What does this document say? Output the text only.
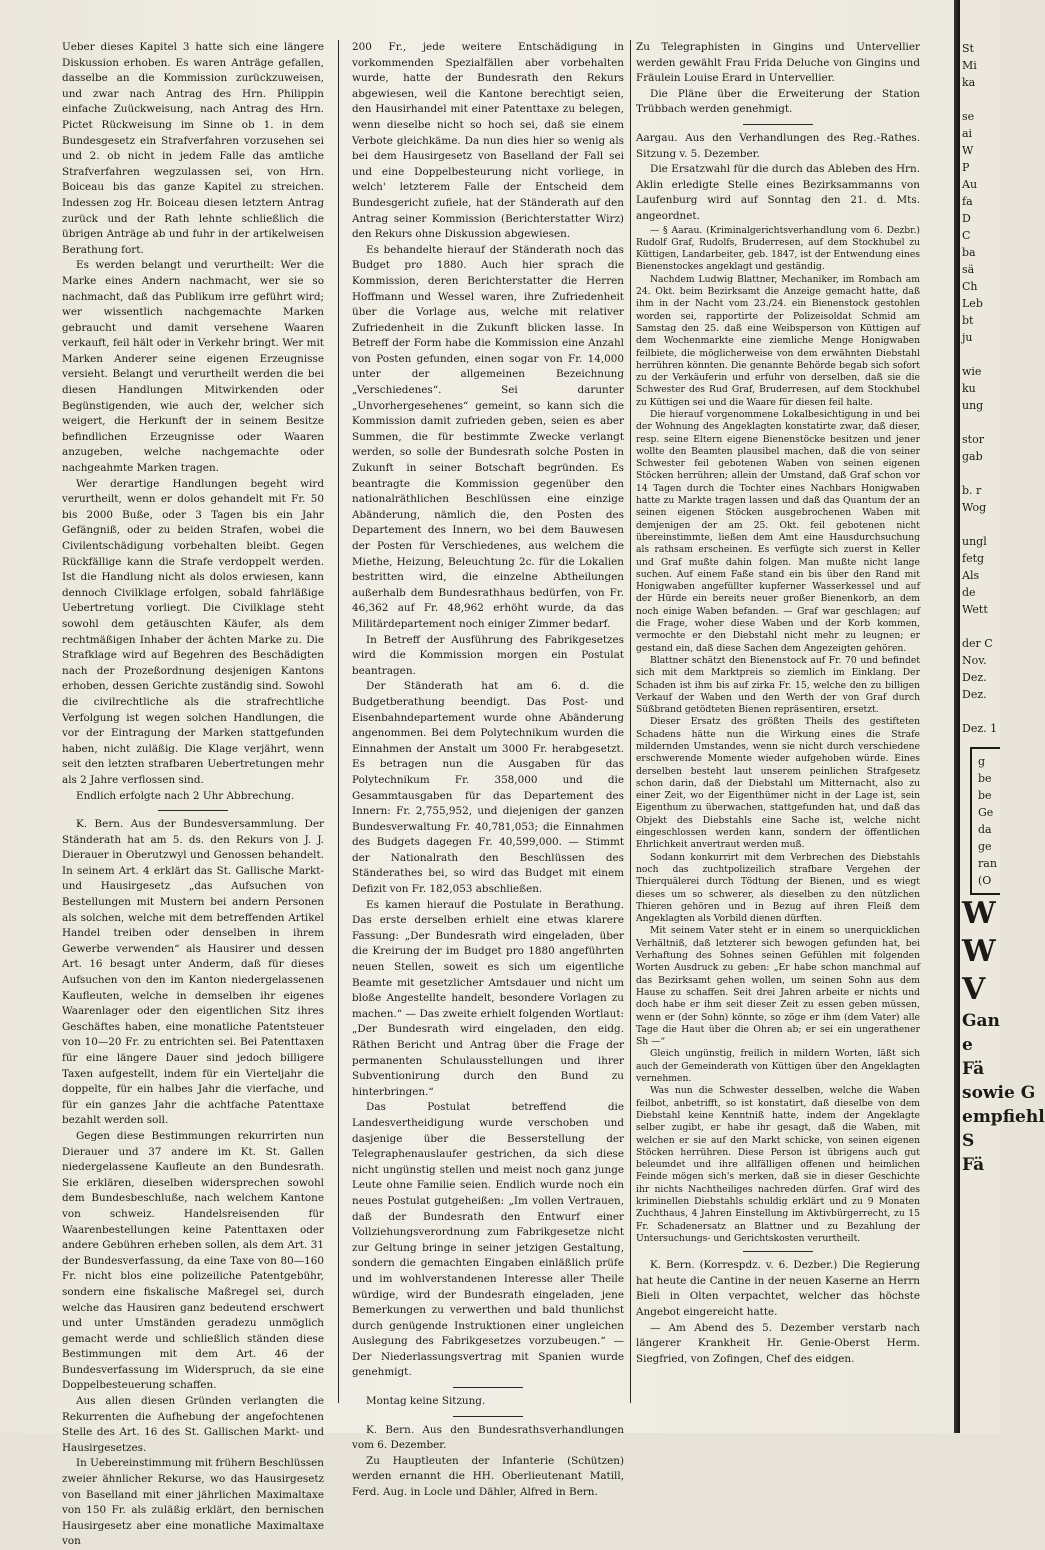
Ueber dieses Kapitel 3 hatte sich eine längere Diskussion erhoben. Es waren Anträge gefallen, dasselbe an die Kommission zurückzuweisen, und zwar nach Antrag des Hrn. Philippin einfache Zuückweisung, nach Antrag des Hrn. Pictet Rückweisung im Sinne ob 1. in dem Bundesgesetz ein Strafverfahren vorzusehen sei und 2. ob nicht in jedem Falle das amtliche Strafverfahren wegzulassen sei, von Hrn. Boiceau bis das ganze Kapitel zu streichen. Indessen zog Hr. Boiceau diesen letztern Antrag zurück und der Rath lehnte schließlich die übrigen Anträge ab und fuhr in der artikelweisen Berathung fort.

Es werden belangt und verurtheilt: Wer die Marke eines Andern nachmacht, wer sie so nachmacht, daß das Publikum irre geführt wird; wer wissentlich nachgemachte Marken gebraucht und damit versehene Waaren verkauft, feil hält oder in Verkehr bringt. Wer mit Marken Anderer seine eigenen Erzeugnisse versieht. Belangt und verurtheilt werden die bei diesen Handlungen Mitwirkenden oder Begünstigenden, wie auch der, welcher sich weigert, die Herkunft der in seinem Besitze befindlichen Erzeugnisse oder Waaren anzugeben, welche nachgemachte oder nachgeahmte Marken tragen.

Wer derartige Handlungen begeht wird verurtheilt, wenn er dolos gehandelt mit Fr. 50 bis 2000 Buße, oder 3 Tagen bis ein Jahr Gefängniß, oder zu beiden Strafen, wobei die Civilentschädigung vorbehalten bleibt. Gegen Rückfällige kann die Strafe verdoppelt werden. Ist die Handlung nicht als dolos erwiesen, kann dennoch Civilklage erfolgen, sobald fahrläßige Uebertretung vorliegt. Die Civilklage steht sowohl dem getäuschten Käufer, als dem rechtmäßigen Inhaber der ächten Marke zu. Die Strafklage wird auf Begehren des Beschädigten nach der Prozeßordnung desjenigen Kantons erhoben, dessen Gerichte zuständig sind. Sowohl die civilrechtliche als die strafrechtliche Verfolgung ist wegen solchen Handlungen, die vor der Eintragung der Marken stattgefunden haben, nicht zuläßig. Die Klage verjährt, wenn seit den letzten strafbaren Uebertretungen mehr als 2 Jahre verflossen sind.

Endlich erfolgte nach 2 Uhr Abbrechung.

K. Bern. Aus der Bundesversammlung. Der Ständerath hat am 5. ds. den Rekurs von J. J. Dierauer in Oberutzwyl und Genossen behandelt. In seinem Art. 4 erklärt das St. Gallische Markt- und Hausirgesetz „das Aufsuchen von Bestellungen mit Mustern bei andern Personen als solchen, welche mit dem betreffenden Artikel Handel treiben oder denselben in ihrem Gewerbe verwenden“ als Hausirer und dessen Art. 16 besagt unter Anderm, daß für dieses Aufsuchen von den im Kanton niedergelassenen Kaufleuten, welche in demselben ihr eigenes Waarenlager oder den eigentlichen Sitz ihres Geschäftes haben, eine monatliche Patentsteuer von 10—20 Fr. zu entrichten sei. Bei Patenttaxen für eine längere Dauer sind jedoch billigere Taxen aufgestellt, indem für ein Vierteljahr die doppelte, für ein halbes Jahr die vierfache, und für ein ganzes Jahr die achtfache Patenttaxe bezahlt werden soll.

Gegen diese Bestimmungen rekurrirten nun Dierauer und 37 andere im Kt. St. Gallen niedergelassene Kaufleute an den Bundesrath. Sie erklären, dieselben widersprechen sowohl dem Bundesbeschluße, nach welchem Kantone von schweiz. Handelsreisenden für Waarenbestellungen keine Patenttaxen oder andere Gebühren erheben sollen, als dem Art. 31 der Bundesverfassung, da eine Taxe von 80—160 Fr. nicht blos eine polizeiliche Patentgebühr, sondern eine fiskalische Maßregel sei, durch welche das Hausiren ganz bedeutend erschwert und unter Umständen geradezu unmöglich gemacht werde und schließlich ständen diese Bestimmungen mit dem Art. 46 der Bundesverfassung im Widerspruch, da sie eine Doppelbesteuerung schaffen.

Aus allen diesen Gründen verlangten die Rekurrenten die Aufhebung der angefochtenen Stelle des Art. 16 des St. Gallischen Markt- und Hausirgesetzes.

In Uebereinstimmung mit frühern Beschlüssen zweier ähnlicher Rekurse, wo das Hausirgesetz von Baselland mit einer jährlichen Maximaltaxe von 150 Fr. als zuläßig erklärt, den bernischen Hausirgesetz aber eine monatliche Maximaltaxe von

200 Fr., jede weitere Entschädigung in vorkommenden Spezialfällen aber vorbehalten wurde, hatte der Bundesrath den Rekurs abgewiesen, weil die Kantone berechtigt seien, den Hausirhandel mit einer Patenttaxe zu belegen, wenn dieselbe nicht so hoch sei, daß sie einem Verbote gleichkäme. Da nun dies hier so wenig als bei dem Hausirgesetz von Baselland der Fall sei und eine Doppelbesteurung nicht vorliege, in welch' letzterem Falle der Entscheid dem Bundesgericht zufiele, hat der Ständerath auf den Antrag seiner Kommission (Berichterstatter Wirz) den Rekurs ohne Diskussion abgewiesen.

Es behandelte hierauf der Ständerath noch das Budget pro 1880. Auch hier sprach die Kommission, deren Berichterstatter die Herren Hoffmann und Wessel waren, ihre Zufriedenheit über die Vorlage aus, welche mit relativer Zufriedenheit in die Zukunft blicken lasse. In Betreff der Form habe die Kommission eine Anzahl von Posten gefunden, einen sogar von Fr. 14,000 unter der allgemeinen Bezeichnung „Verschiedenes“. Sei darunter „Unvorhergesehenes“ gemeint, so kann sich die Kommission damit zufrieden geben, seien es aber Summen, die für bestimmte Zwecke verlangt werden, so solle der Bundesrath solche Posten in Zukunft in seiner Botschaft begründen. Es beantragte die Kommission gegenüber den nationalräthlichen Beschlüssen eine einzige Abänderung, nämlich die, den Posten des Departement des Innern, wo bei dem Bauwesen der Posten für Verschiedenes, aus welchem die Miethe, Heizung, Beleuchtung 2c. für die Lokalien bestritten wird, die einzelne Abtheilungen außerhalb dem Bundesrathhaus bedürfen, von Fr. 46,362 auf Fr. 48,962 erhöht wurde, da das Militärdepartement noch einiger Zimmer bedarf.

In Betreff der Ausführung des Fabrikgesetzes wird die Kommission morgen ein Postulat beantragen.

Der Ständerath hat am 6. d. die Budgetberathung beendigt. Das Post- und Eisenbahndepartement wurde ohne Abänderung angenommen. Bei dem Polytechnikum wurden die Einnahmen der Anstalt um 3000 Fr. herabgesetzt. Es betragen nun die Ausgaben für das Polytechnikum Fr. 358,000 und die Gesammtausgaben für das Departement des Innern: Fr. 2,755,952, und diejenigen der ganzen Bundesverwaltung Fr. 40,781,053; die Einnahmen des Budgets dagegen Fr. 40,599,000. — Stimmt der Nationalrath den Beschlüssen des Ständerathes bei, so wird das Budget mit einem Defizit von Fr. 182,053 abschließen.

Es kamen hierauf die Postulate in Berathung. Das erste derselben erhielt eine etwas klarere Fassung: „Der Bundesrath wird eingeladen, über die Kreirung der im Budget pro 1880 angeführten neuen Stellen, soweit es sich um eigentliche Beamte mit gesetzlicher Amtsdauer und nicht um bloße Angestellte handelt, besondere Vorlagen zu machen.“ — Das zweite erhielt folgenden Wortlaut: „Der Bundesrath wird eingeladen, den eidg. Räthen Bericht und Antrag über die Frage der permanenten Schulausstellungen und ihrer Subventionirung durch den Bund zu hinterbringen.“

Das Postulat betreffend die Landesvertheidigung wurde verschoben und dasjenige über die Besserstellung der Telegraphenauslaufer gestrichen, da sich diese nicht ungünstig stellen und meist noch ganz junge Leute ohne Familie seien. Endlich wurde noch ein neues Postulat gutgeheißen: „Im vollen Vertrauen, daß der Bundesrath den Entwurf einer Vollziehungsverordnung zum Fabrikgesetze nicht zur Geltung bringe in seiner jetzigen Gestaltung, sondern die gemachten Eingaben einläßlich prüfe und im wohlverstandenen Interesse aller Theile würdige, wird der Bundesrath eingeladen, jene Bemerkungen zu verwerthen und bald thunlichst durch genügende Instruktionen einer ungleichen Auslegung des Fabrikgesetzes vorzubeugen.“ — Der Niederlassungsvertrag mit Spanien wurde genehmigt.

Montag keine Sitzung.

K. Bern. Aus den Bundesrathsverhandlungen vom 6. Dezember.

Zu Hauptleuten der Infanterie (Schützen) werden ernannt die HH. Oberlieutenant Matill, Ferd. Aug. in Locle und Dähler, Alfred in Bern.

Zu Telegraphisten in Gingins und Untervellier werden gewählt Frau Frida Deluche von Gingins und Fräulein Louise Erard in Untervellier.

Die Pläne über die Erweiterung der Station Trübbach werden genehmigt.

Aargau. Aus den Verhandlungen des Reg.-Rathes. Sitzung v. 5. Dezember.

Die Ersatzwahl für die durch das Ableben des Hrn. Aklin erledigte Stelle eines Bezirksammanns von Laufenburg wird auf Sonntag den 21. d. Mts. angeordnet.

— § Aarau. (Kriminalgerichtsverhandlung vom 6. Dezbr.) Rudolf Graf, Rudolfs, Bruderresen, auf dem Stockhubel zu Küttigen, Landarbeiter, geb. 1847, ist der Entwendung eines Bienenstockes angeklagt und geständig.

Nachdem Ludwig Blattner, Mechaniker, im Rombach am 24. Okt. beim Bezirksamt die Anzeige gemacht hatte, daß ihm in der Nacht vom 23./24. ein Bienenstock gestohlen worden sei, rapportirte der Polizeisoldat Schmid am Samstag den 25. daß eine Weibsperson von Küttigen auf dem Wochenmarkte eine ziemliche Menge Honigwaben feilbiete, die möglicherweise von dem erwähnten Diebstahl herrühren könnten. Die genannte Behörde begab sich sofort zu der Verkäuferin und erfuhr von derselben, daß sie die Schwester des Rud Graf, Bruderresen, auf dem Stockhubel zu Küttigen sei und die Waare für diesen feil halte.

Die hierauf vorgenommene Lokalbesichtigung in und bei der Wohnung des Angeklagten konstatirte zwar, daß dieser, resp. seine Eltern eigene Bienenstöcke besitzen und jener wollte den Beamten plausibel machen, daß die von seiner Schwester feil gebotenen Waben von seinen eigenen Stöcken herrühren; allein der Umstand, daß Graf schon vor 14 Tagen durch die Tochter eines Nachbars Honigwaben hatte zu Markte tragen lassen und daß das Quantum der an seinen eigenen Stöcken ausgebrochenen Waben mit demjenigen der am 25. Okt. feil gebotenen nicht übereinstimmte, ließen dem Amt eine Hausdurchsuchung als rathsam erscheinen. Es verfügte sich zuerst in Keller und Graf mußte dahin folgen. Man mußte nicht lange suchen. Auf einem Faße stand ein bis über den Rand mit Honigwaben angefüllter kupferner Wasserkessel und auf der Hürde ein bereits neuer großer Bienenkorb, an dem noch einige Waben befanden. — Graf war geschlagen; auf die Frage, woher diese Waben und der Korb kommen, vermochte er den Diebstahl nicht mehr zu leugnen; er gestand ein, daß diese Sachen dem Angezeigten gehören.

Blattner schätzt den Bienenstock auf Fr. 70 und befindet sich mit dem Marktpreis so ziemlich im Einklang. Der Schaden ist ihm bis auf zirka Fr. 15, welche den zu billigen Verkauf der Waben und den Werth der von Graf durch Süßbrand getödteten Bienen repräsentiren, ersetzt.

Dieser Ersatz des größten Theils des gestifteten Schadens hätte nun die Wirkung eines die Strafe mildernden Umstandes, wenn sie nicht durch verschiedene erschwerende Momente wieder aufgehoben würde. Eines derselben besteht laut unserem peinlichen Strafgesetz schon darin, daß der Diebstahl um Mitternacht, also zu einer Zeit, wo der Eigenthümer nicht in der Lage ist, sein Eigenthum zu überwachen, stattgefunden hat, und daß das Objekt des Diebstahls eine Sache ist, welche nicht eingeschlossen werden kann, sondern der öffentlichen Ehrlichkeit anvertraut werden muß.

Sodann konkurrirt mit dem Verbrechen des Diebstahls noch das zuchtpolizeilich strafbare Vergehen der Thierquälerei durch Tödtung der Bienen, und es wiegt dieses um so schwerer, als dieselben zu den nützlichen Thieren gehören und in Bezug auf ihren Fleiß dem Angeklagten als Vorbild dienen dürften.

Mit seinem Vater steht er in einem so unerquicklichen Verhältniß, daß letzterer sich bewogen gefunden hat, bei Verhaftung des Sohnes seinen Gefühlen mit folgenden Worten Ausdruck zu geben: „Er habe schon manchmal auf das Bezirksamt gehen wollen, um seinen Sohn aus dem Hause zu schaffen. Seit drei Jahren arbeite er nichts und doch habe er ihm seit dieser Zeit zu essen geben müssen, wenn er (der Sohn) könnte, so zöge er ihm (dem Vater) alle Tage die Haut über die Ohren ab; er sei ein ungerathener Sh —“

Gleich ungünstig, freilich in mildern Worten, läßt sich auch der Gemeinderath von Küttigen über den Angeklagten vernehmen.

Was nun die Schwester desselben, welche die Waben feilbot, anbetrifft, so ist konstatirt, daß dieselbe von dem Diebstahl keine Kenntniß hatte, indem der Angeklagte selber zugibt, er habe ihr gesagt, daß die Waben, mit welchen er sie auf den Markt schicke, von seinen eigenen Stöcken herrühren. Diese Person ist übrigens auch gut beleumdet und ihre allfälligen offenen und heimlichen Feinde mögen sich's merken, daß sie in dieser Geschichte ihr nichts Nachtheiliges nachreden dürfen. Graf wird des kriminellen Diebstahls schuldig erklärt und zu 9 Monaten Zuchthaus, 4 Jahren Einstellung im Aktivbürgerrecht, zu 15 Fr. Schadenersatz an Blattner und zu Bezahlung der Untersuchungs- und Gerichtskosten verurtheilt.

K. Bern. (Korrespdz. v. 6. Dezber.) Die Regierung hat heute die Cantine in der neuen Kaserne an Herrn Bieli in Olten verpachtet, welcher das höchste Angebot eingereicht hatte.

— Am Abend des 5. Dezember verstarb nach längerer Krankheit Hr. Genie-Oberst Herm. Siegfried, von Zofingen, Chef des eidgen.

St
Mi
ka

se
ai
W
P
Au
fa
D
C
ba
sä
Ch
Leb
bt
ju

wie
ku
ung

stor
gab

b. r
Wog

ungl
fetg
Als
de
Wett

der C
Nov.
Dez.
Dez.

Dez. 1
g
be
be
Ge
da
ge
ran
(O
W
W
V
Gan
e
Fä
sowie G
empfiehl
S
Fä
